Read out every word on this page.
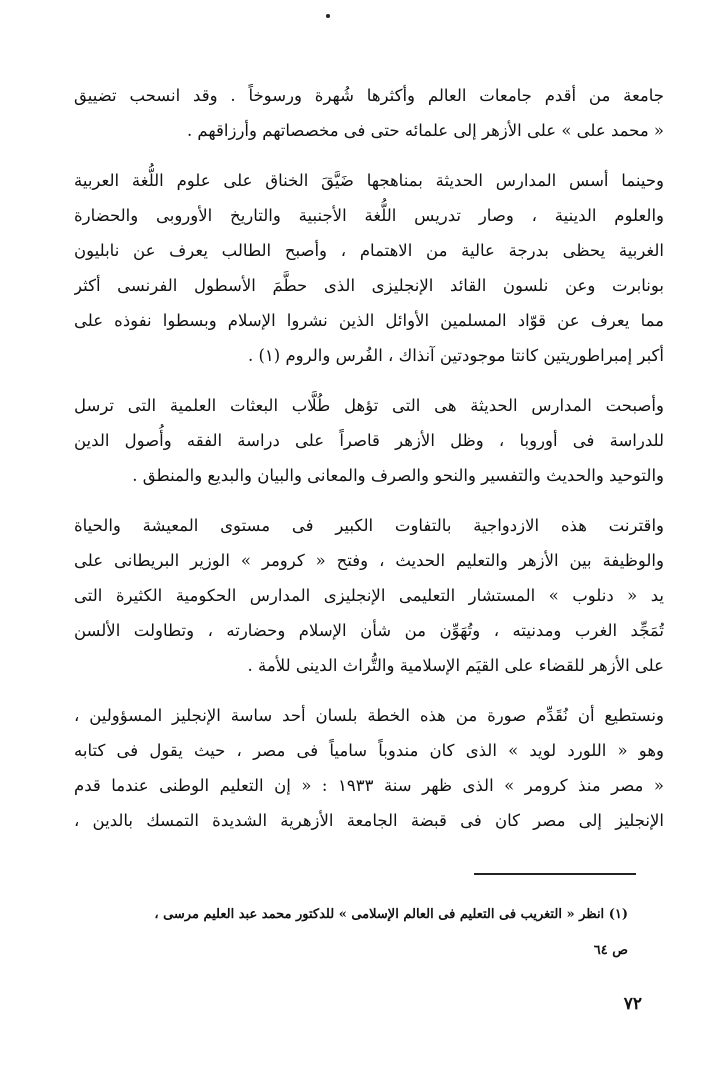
جامعة من أقدم جامعات العالم وأكثرها شُهرة ورسوخاً . وقد انسحب تضييق
« محمد على » على الأزهر إلى علمائه حتى فى مخصصاتهم وأرزاقهم .

وحينما أسس المدارس الحديثة بمناهجها ضَيَّقَ الخناق على علوم اللُّغة العربية
والعلوم الدينية ، وصار تدريس اللُّغة الأجنبية والتاريخ الأوروبى والحضارة
الغربية يحظى بدرجة عالية من الاهتمام ، وأصبح الطالب يعرف عن نابليون
بونابرت وعن نلسون القائد الإنجليزى الذى حطَّمَ الأسطول الفرنسى أكثر
مما يعرف عن قوّاد المسلمين الأوائل الذين نشروا الإسلام وبسطوا نفوذه على
أكبر إمبراطوريتين كانتا موجودتين آنذاك ، الفُرس والروم (١) .

وأصبحت المدارس الحديثة هى التى تؤهل طُلَّاب البعثات العلمية التى ترسل
للدراسة فى أوروبا ، وظل الأزهر قاصراً على دراسة الفقه وأُصول الدين
والتوحيد والحديث والتفسير والنحو والصرف والمعانى والبيان والبديع والمنطق .

واقترنت هذه الازدواجية بالتفاوت الكبير فى مستوى المعيشة والحياة
والوظيفة بين الأزهر والتعليم الحديث ، وفتح « كرومر » الوزير البريطانى على
يد « دنلوب » المستشار التعليمى الإنجليزى المدارس الحكومية الكثيرة التى
تُمَجِّد الغرب ومدنيته ، وتُهَوِّن من شأن الإسلام وحضارته ، وتطاولت الألسن
على الأزهر للقضاء على القيَم الإسلامية والتُّراث الدينى للأمة .

ونستطيع أن نُقَدِّم صورة من هذه الخطة بلسان أحد ساسة الإنجليز المسؤولين ،
وهو « اللورد لويد » الذى كان مندوباً سامياً فى مصر ، حيث يقول فى كتابه
« مصر منذ كرومر » الذى ظهر سنة ١٩٣٣ : « إن التعليم الوطنى عندما قدم
الإنجليز إلى مصر كان فى قبضة الجامعة الأزهرية الشديدة التمسك بالدين ،

(١) انظر « التغريب فى التعليم فى العالم الإسلامى » للدكتور محمد عبد العليم مرسى ،
ص ٦٤
٧٢
